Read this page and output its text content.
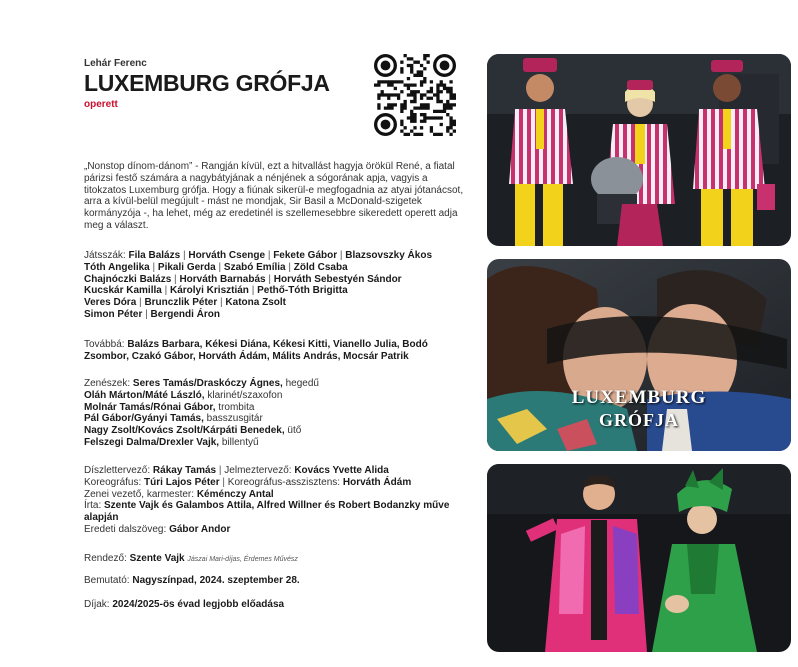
Lehár Ferenc
LUXEMBURG GRÓFJA
operett
„Nonstop dínom-dánom” - Rangján kívül, ezt a hitvallást hagyja örökül René, a fiatal párizsi festő számára a nagybátyjának a nénjének a sógorának apja, vagyis a titokzatos Luxemburg grófja. Hogy a fiúnak sikerül-e megfogadnia az atyai jótanácsot, arra a kívül-belül megújult - mást ne mondjak, Sir Basil a McDonald-szigetek kormányzója -, ha lehet, még az eredetinél is szellemesebbre sikeredett operett adja meg a választ.
Játsszák: Fila Balázs | Horváth Csenge | Fekete Gábor | Blazsovszky Ákos
Tóth Angelika | Pikali Gerda | Szabó Emília | Zöld Csaba
Chajnóczki Balázs | Horváth Barnabás | Horváth Sebestyén Sándor
Kucskár Kamilla | Károlyi Krisztián | Pethő-Tóth Brigitta
Veres Dóra | Brunczlik Péter | Katona Zsolt
Simon Péter | Bergendi Áron
Továbbá: Balázs Barbara, Kékesi Diána, Kékesi Kitti, Vianello Julia, Bodó Zsombor, Czakó Gábor, Horváth Ádám, Málits András, Mocsár Patrik
Zenészek: Seres Tamás/Draskóczy Ágnes, hegedű
Oláh Márton/Máté László, klarinét/szaxofon
Molnár Tamás/Rónai Gábor, trombita
Pál Gábor/Gyányi Tamás, basszusgitár
Nagy Zsolt/Kovács Zsolt/Kárpáti Benedek, ütő
Felszegi Dalma/Drexler Vajk, billentyű
Díszlettervező: Rákay Tamás | Jelmeztervező: Kovács Yvette Alida
Koreográfus: Túri Lajos Péter | Koreográfus-asszisztens: Horváth Ádám
Zenei vezető, karmester: Kéménczy Antal
Írta: Szente Vajk és Galambos Attila, Alfred Willner és Robert Bodanzky műve alapján
Eredeti dalszöveg: Gábor Andor
Rendező: Szente Vajk Jászai Mari-díjas, Érdemes Művész
Bemutató: Nagyszínpad, 2024. szeptember 28.
Díjak: 2024/2025-ös évad legjobb előadása
LUXEMBURG
GRÓFJA
